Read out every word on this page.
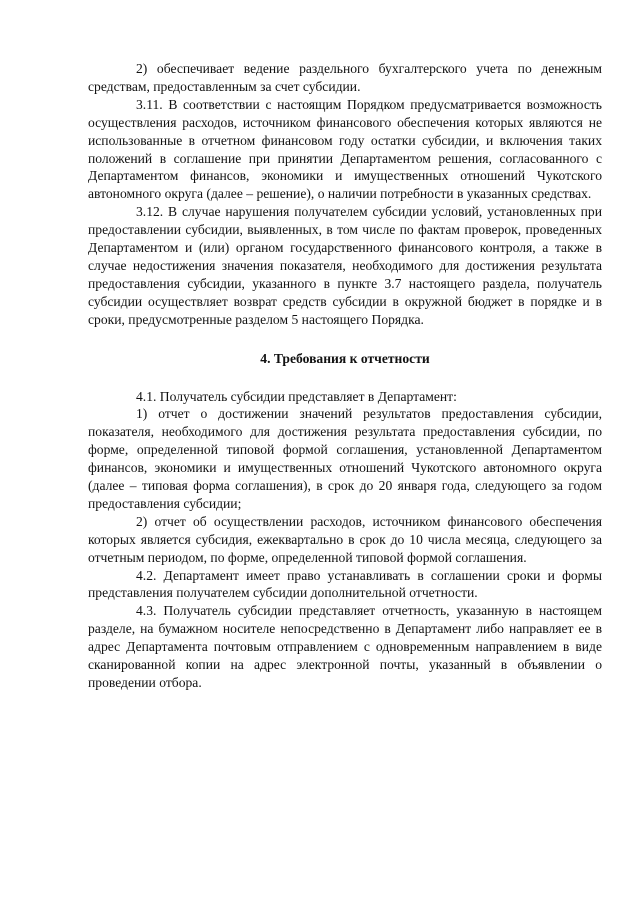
2) обеспечивает ведение раздельного бухгалтерского учета по денежным средствам, предоставленным за счет субсидии.

3.11. В соответствии с настоящим Порядком предусматривается возможность осуществления расходов, источником финансового обеспечения которых являются не использованные в отчетном финансовом году остатки субсидии, и включения таких положений в соглашение при принятии Департаментом решения, согласованного с Департаментом финансов, экономики и имущественных отношений Чукотского автономного округа (далее – решение), о наличии потребности в указанных средствах.

3.12. В случае нарушения получателем субсидии условий, установленных при предоставлении субсидии, выявленных, в том числе по фактам проверок, проведенных Департаментом и (или) органом государственного финансового контроля, а также в случае недостижения значения показателя, необходимого для достижения результата предоставления субсидии, указанного в пункте 3.7 настоящего раздела, получатель субсидии осуществляет возврат средств субсидии в окружной бюджет в порядке и в сроки, предусмотренные разделом 5 настоящего Порядка.

4. Требования к отчетности

4.1. Получатель субсидии представляет в Департамент:

1) отчет о достижении значений результатов предоставления субсидии, показателя, необходимого для достижения результата предоставления субсидии, по форме, определенной типовой формой соглашения, установленной Департаментом финансов, экономики и имущественных отношений Чукотского автономного округа (далее – типовая форма соглашения), в срок до 20 января года, следующего за годом предоставления субсидии;

2) отчет об осуществлении расходов, источником финансового обеспечения которых является субсидия, ежеквартально в срок до 10 числа месяца, следующего за отчетным периодом, по форме, определенной типовой формой соглашения.

4.2. Департамент имеет право устанавливать в соглашении сроки и формы представления получателем субсидии дополнительной отчетности.

4.3. Получатель субсидии представляет отчетность, указанную в настоящем разделе, на бумажном носителе непосредственно в Департамент либо направляет ее в адрес Департамента почтовым отправлением с одновременным направлением в виде сканированной копии на адрес электронной почты, указанный в объявлении о проведении отбора.
